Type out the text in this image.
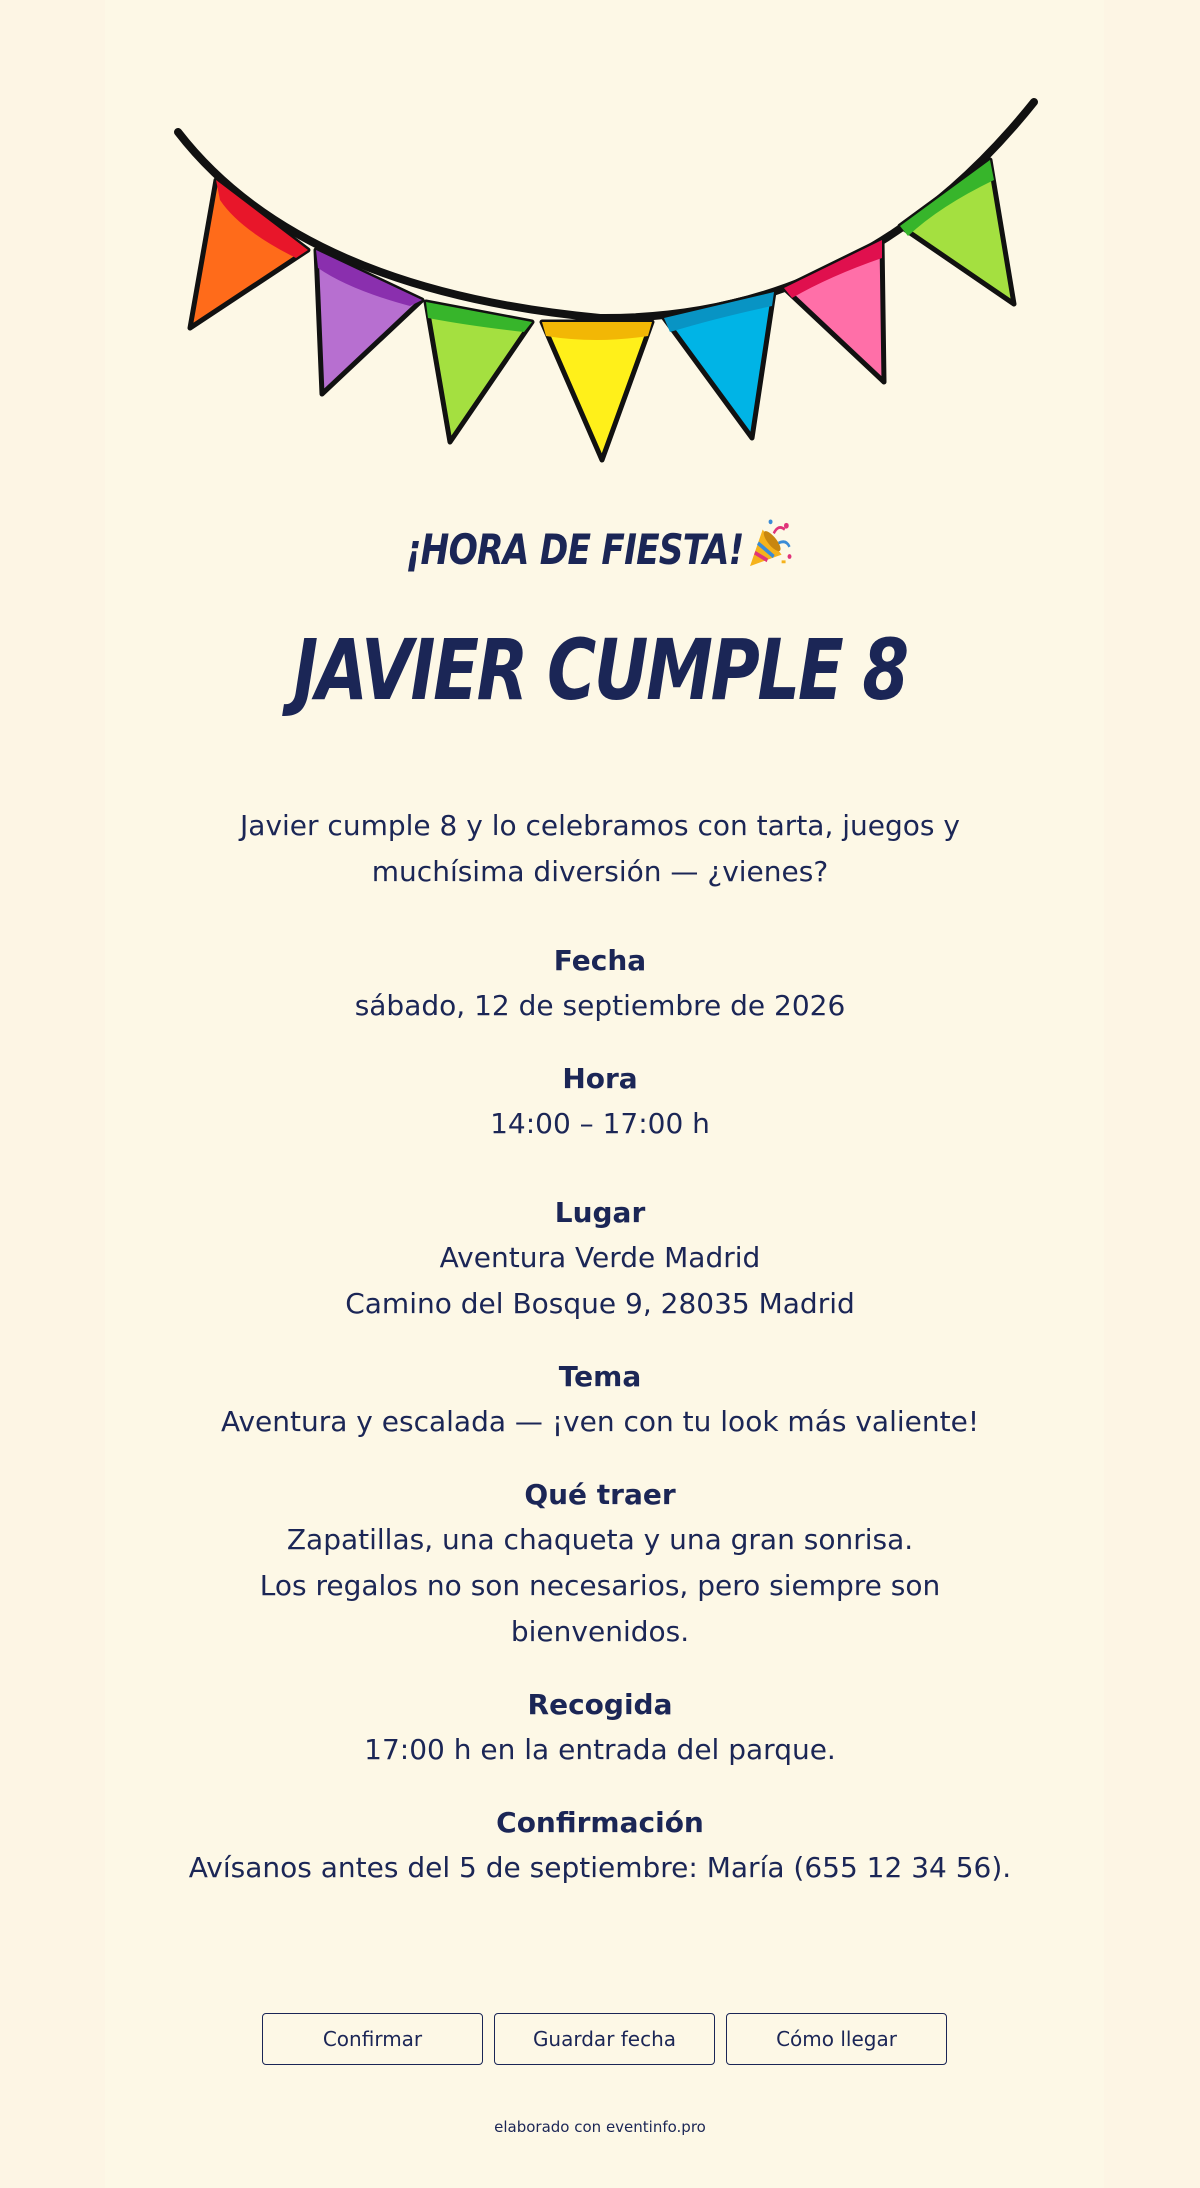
¡HORA DE FIESTA!
JAVIER CUMPLE 8
Javier cumple 8 y lo celebramos con tarta, juegos y muchísima diversión — ¿vienes?
Fecha
sábado, 12 de septiembre de 2026
Hora
14:00 – 17:00 h
Lugar
Aventura Verde Madrid
Camino del Bosque 9, 28035 Madrid
Tema
Aventura y escalada — ¡ven con tu look más valiente!
Qué traer
Zapatillas, una chaqueta y una gran sonrisa.
Los regalos no son necesarios, pero siempre son
bienvenidos.
Recogida
17:00 h en la entrada del parque.
Confirmación
Avísanos antes del 5 de septiembre: María (655 12 34 56).
Confirmar	Guardar fecha	Cómo llegar
elaborado con eventinfo.pro
